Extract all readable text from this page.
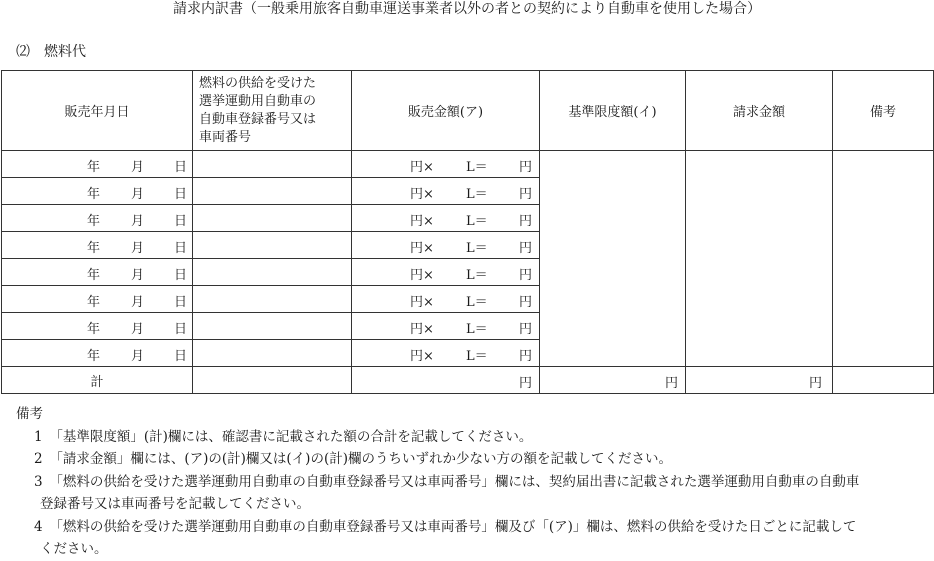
請求内訳書（一般乗用旅客自動車運送事業者以外の者との契約により自動車を使用した場合）
⑵　燃料代
販売年月日	燃料の供給を受けた
選挙運動用自動車の
自動車登録番号又は
車両番号	販売金額(ア)	基準限度額(イ)	請求金額	備考

年 月 日		円× L＝ 円			

年 月 日		円× L＝ 円			

年 月 日		円× L＝ 円			

年 月 日		円× L＝ 円			

年 月 日		円× L＝ 円			

年 月 日		円× L＝ 円			

年 月 日		円× L＝ 円			

年 月 日		円× L＝ 円			

計		円	円	円	

備考
1　「基準限度額」(計)欄には、確認書に記載された額の合計を記載してください。
2　「請求金額」欄には、(ア)の(計)欄又は(イ)の(計)欄のうちいずれか少ない方の額を記載してください。
3　「燃料の供給を受けた選挙運動用自動車の自動車登録番号又は車両番号」欄には、契約届出書に記載された選挙運動用自動車の自動車
登録番号又は車両番号を記載してください。
4　「燃料の供給を受けた選挙運動用自動車の自動車登録番号又は車両番号」欄及び「(ア)」欄は、燃料の供給を受けた日ごとに記載して
ください。
